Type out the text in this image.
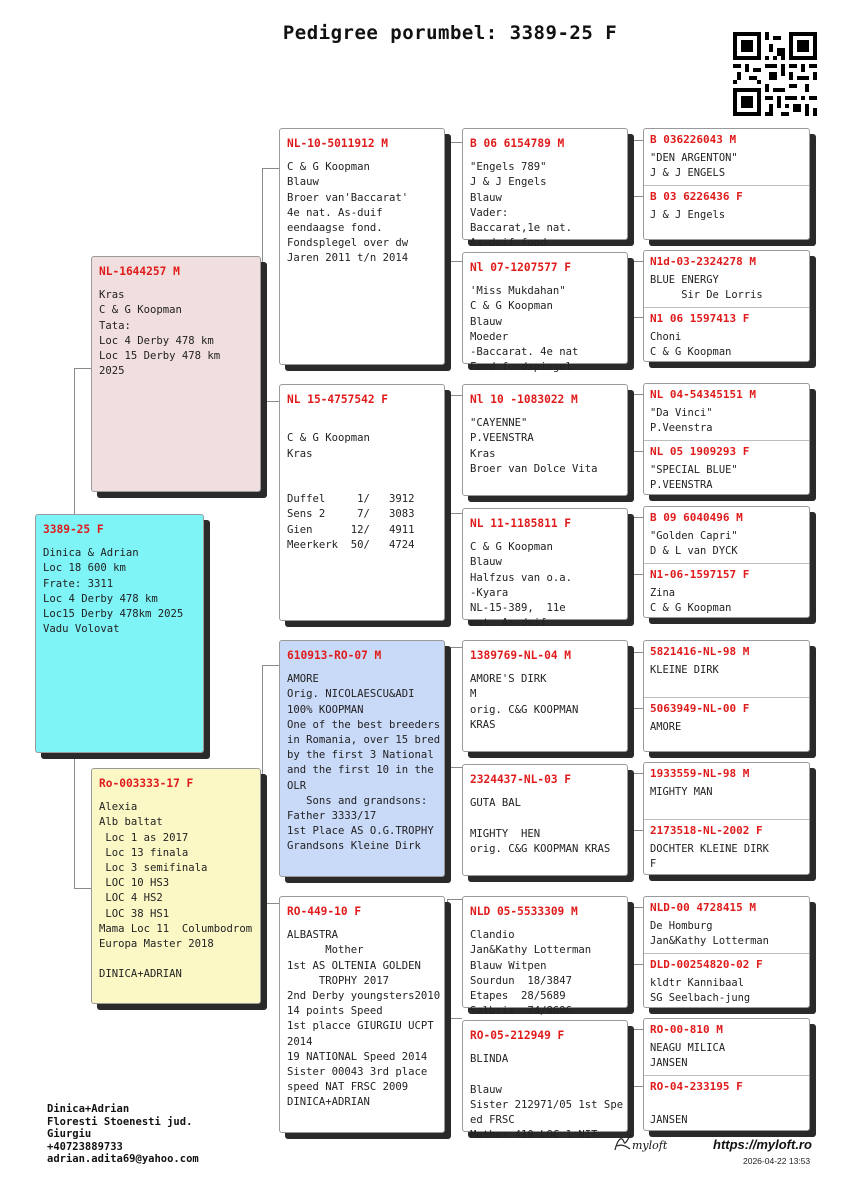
Pedigree porumbel: 3389-25 F
3389-25 F
Dinica & Adrian
Loc 18 600 km
Frate: 3311
Loc 4 Derby 478 km
Loc15 Derby 478km 2025
Vadu Volovat
NL-1644257 M
Kras
C & G Koopman
Tata:
Loc 4 Derby 478 km
Loc 15 Derby 478 km
2025
Ro-003333-17 F
Alexia
Alb baltat
Loc 1 as 2017
Loc 13 finala
Loc 3 semifinala
LOC 10 HS3
LOC 4 HS2
LOC 38 HS1
Mama Loc 11  Columbodrom
Europa Master 2018

DINICA+ADRIAN
NL-10-5011912 M
C & G Koopman
Blauw
Broer van'Baccarat'
4e nat. As-duif
eendaagse fond.
Fondsplegel over dw
Jaren 2011 t/n 2014
NL 15-4757542 F

C & G Koopman
Kras

Duffel     1/   3912
Sens 2     7/   3083
Gien      12/   4911
Meerkerk  50/   4724
610913-RO-07 M
AMORE
Orig. NICOLAESCU&ADI
100% KOOPMAN
One of the best breeders
in Romania, over 15 bred
by the first 3 National
and the first 10 in the
OLR
Sons and grandsons:
Father 3333/17
1st Place AS O.G.TROPHY
Grandsons Kleine Dirk
RO-449-10 F
ALBASTRA
Mother
1st AS OLTENIA GOLDEN
TROPHY 2017
2nd Derby youngsters2010
14 points Speed
1st placce GIURGIU UCPT
2014
19 NATIONAL Speed 2014
Sister 00043 3rd place
speed NAT FRSC 2009
DINICA+ADRIAN
B 06 6154789 M
"Engels 789"
J & J Engels
Blauw
Vader:
Baccarat,1e nat.
As-duif fond
Nl 07-1207577 F
'Miss Mukdahan"
C & G Koopman
Blauw
Moeder
-Baccarat. 4e nat
Fond fondspiegel
Nl 10 -1083022 M
"CAYENNE"
P.VEENSTRA
Kras
Broer van Dolce Vita
NL 11-1185811 F
C & G Koopman
Blauw
Halfzus van o.a.
-Kyara
NL-15-389,  11e
nat. As-duif
1389769-NL-04 M
AMORE'S DIRK
M
orig. C&G KOOPMAN
KRAS
2324437-NL-03 F
GUTA BAL

MIGHTY  HEN
orig. C&G KOOPMAN KRAS
NLD 05-5533309 M
Clandio
Jan&Kathy Lotterman
Blauw Witpen
Sourdun  18/3847
Etapes  28/5689
Salbris  74/8696
RO-05-212949 F
BLINDA

Blauw
Sister 212971/05 1st Spe
ed FRSC
Mother 410 LOC 1 NIT
B 036226043 M
"DEN ARGENTON"
J & J ENGELS
B 03 6226436 F
J & J Engels
N1d-03-2324278 M
BLUE ENERGY
Sir De Lorris
N1 06 1597413 F
Choni
C & G Koopman
NL 04-54345151 M
"Da Vinci"
P.Veenstra
NL 05 1909293 F
"SPECIAL BLUE"
P.VEENSTRA
B 09 6040496 M
"Golden Capri"
D & L van DYCK
N1-06-1597157 F
Zina
C & G Koopman
5821416-NL-98 M
KLEINE DIRK
5063949-NL-00 F
AMORE
1933559-NL-98 M
MIGHTY MAN
2173518-NL-2002 F
DOCHTER KLEINE DIRK
F
NLD-00 4728415 M
De Homburg
Jan&Kathy Lotterman
DLD-00254820-02 F
kldtr Kannibaal
SG Seelbach-jung
RO-00-810 M
NEAGU MILICA
JANSEN
RO-04-233195 F

JANSEN
Dinica+Adrian
Floresti Stoenesti jud.
Giurgiu
+40723889733
adrian.adita69@yahoo.com
myloft	https://myloft.ro
2026-04-22 13:53
